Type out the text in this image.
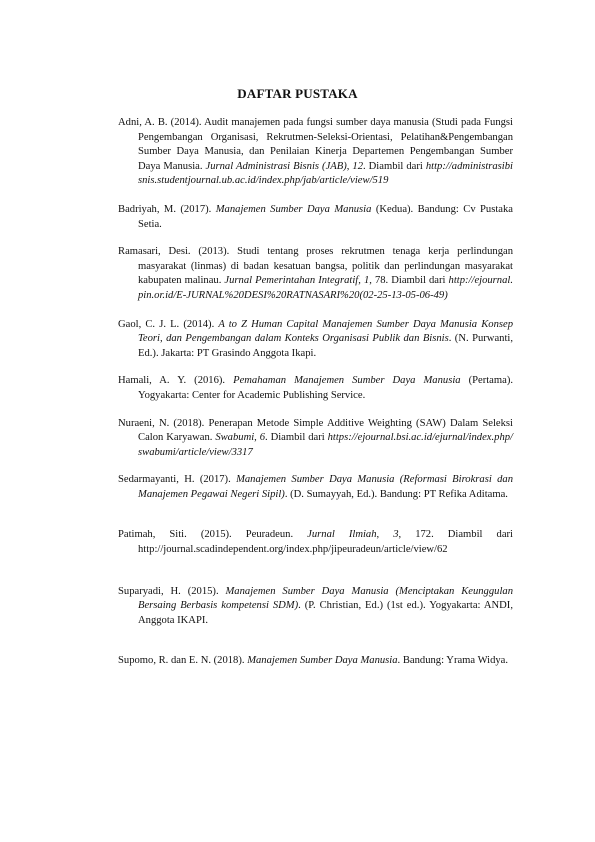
DAFTAR PUSTAKA
Adni, A. B. (2014). Audit manajemen pada fungsi sumber daya manusia (Studi pada Fungsi Pengembangan Organisasi, Rekrutmen-Seleksi-Orientasi, Pelatihan&Pengembangan Sumber Daya Manusia, dan Penilaian Kinerja Departemen Pengembangan Sumber Daya Manusia. Jurnal Administrasi Bisnis (JAB), 12. Diambil dari http://administrasibisnis.studentjournal.ub.ac.id/index.php/jab/article/view/519
Badriyah, M. (2017). Manajemen Sumber Daya Manusia (Kedua). Bandung: Cv Pustaka Setia.
Ramasari, Desi. (2013). Studi tentang proses rekrutmen tenaga kerja perlindungan masyarakat (linmas) di badan kesatuan bangsa, politik dan perlindungan masyarakat kabupaten malinau. Jurnal Pemerintahan Integratif, 1, 78. Diambil dari http://ejournal.pin.or.id/E-JURNAL%20DESI%20RATNASARI%20(02-25-13-05-06-49)
Gaol, C. J. L. (2014). A to Z Human Capital Manajemen Sumber Daya Manusia Konsep Teori, dan Pengembangan dalam Konteks Organisasi Publik dan Bisnis. (N. Purwanti, Ed.). Jakarta: PT Grasindo Anggota Ikapi.
Hamali, A. Y. (2016). Pemahaman Manajemen Sumber Daya Manusia (Pertama). Yogyakarta: Center for Academic Publishing Service.
Nuraeni, N. (2018). Penerapan Metode Simple Additive Weighting (SAW) Dalam Seleksi Calon Karyawan. Swabumi, 6. Diambil dari https://ejournal.bsi.ac.id/ejurnal/index.php/swabumi/article/view/3317
Sedarmayanti, H. (2017). Manajemen Sumber Daya Manusia (Reformasi Birokrasi dan Manajemen Pegawai Negeri Sipil). (D. Sumayyah, Ed.). Bandung: PT Refika Aditama.
Patimah, Siti. (2015). Peuradeun. Jurnal Ilmiah, 3, 172. Diambil dari http://journal.scadindependent.org/index.php/jipeuradeun/article/view/62
Suparyadi, H. (2015). Manajemen Sumber Daya Manusia (Menciptakan Keunggulan Bersaing Berbasis kompetensi SDM). (P. Christian, Ed.) (1st ed.). Yogyakarta: ANDI, Anggota IKAPI.
Supomo, R. dan E. N. (2018). Manajemen Sumber Daya Manusia. Bandung: Yrama Widya.
